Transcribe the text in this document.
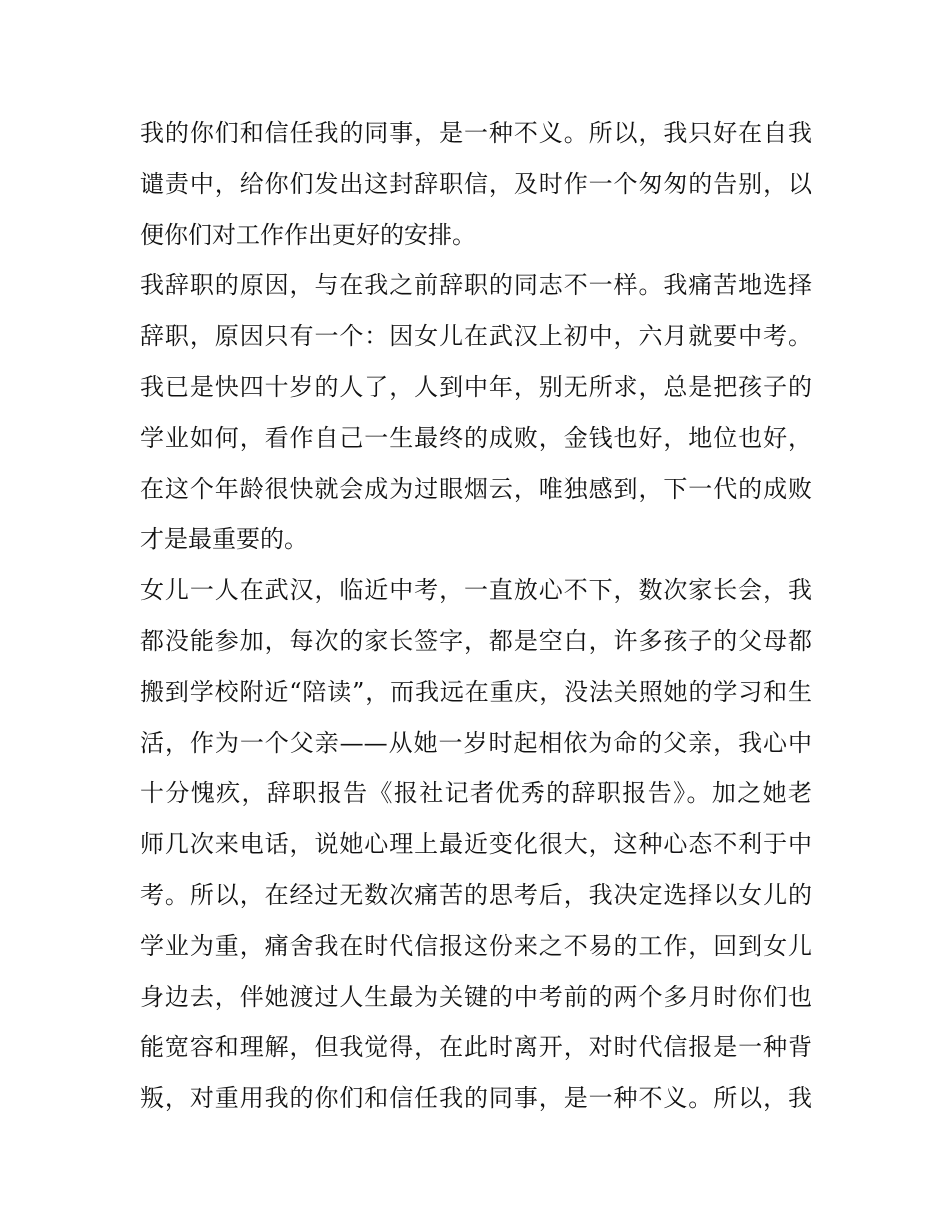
我的你们和信任我的同事，是一种不义。所以，我只好在自我
谴责中，给你们发出这封辞职信，及时作一个匆匆的告别，以
便你们对工作作出更好的安排。
我辞职的原因，与在我之前辞职的同志不一样。我痛苦地选择
辞职，原因只有一个：因女儿在武汉上初中，六月就要中考。
我已是快四十岁的人了，人到中年，别无所求，总是把孩子的
学业如何，看作自己一生最终的成败，金钱也好，地位也好，
在这个年龄很快就会成为过眼烟云，唯独感到，下一代的成败
才是最重要的。
女儿一人在武汉，临近中考，一直放心不下，数次家长会，我
都没能参加，每次的家长签字，都是空白，许多孩子的父母都
搬到学校附近“陪读”，而我远在重庆，没法关照她的学习和生
活，作为一个父亲——从她一岁时起相依为命的父亲，我心中
十分愧疚，辞职报告《报社记者优秀的辞职报告》。加之她老
师几次来电话，说她心理上最近变化很大，这种心态不利于中
考。所以，在经过无数次痛苦的思考后，我决定选择以女儿的
学业为重，痛舍我在时代信报这份来之不易的工作，回到女儿
身边去，伴她渡过人生最为关键的中考前的两个多月时你们也
能宽容和理解，但我觉得，在此时离开，对时代信报是一种背
叛，对重用我的你们和信任我的同事，是一种不义。所以，我
